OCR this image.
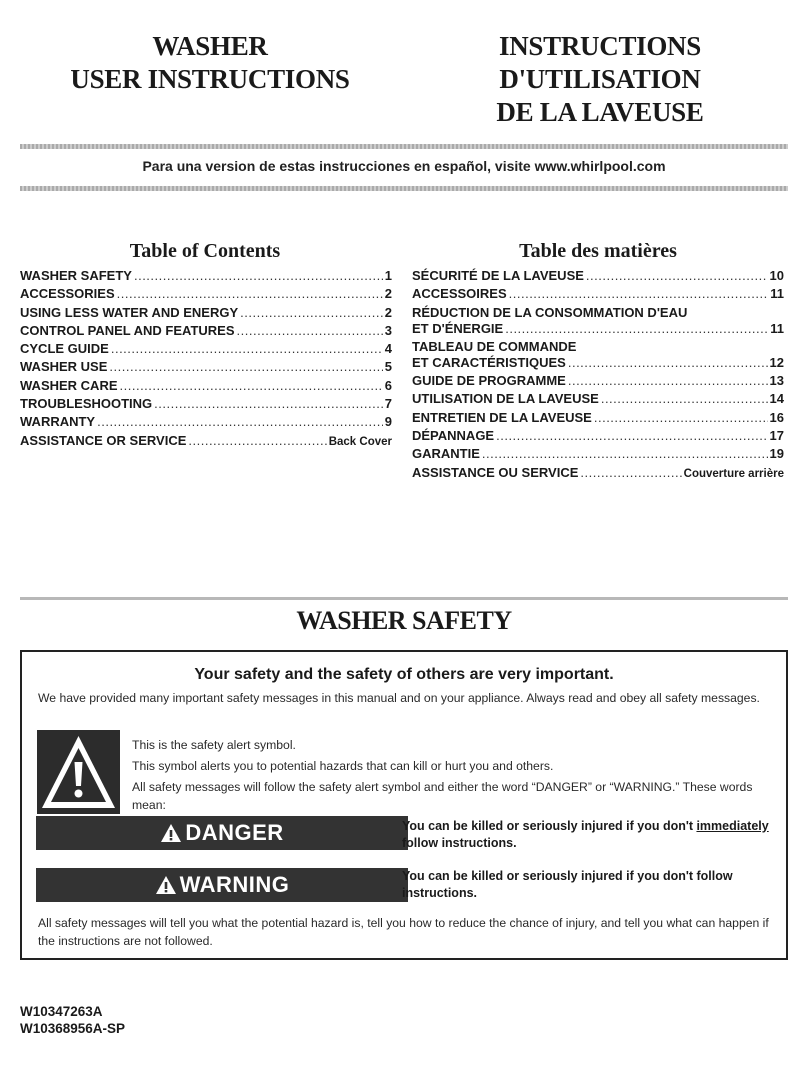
WASHER
USER INSTRUCTIONS
INSTRUCTIONS
D'UTILISATION
DE LA LAVEUSE
Para una version de estas instrucciones en español, visite www.whirlpool.com
Table of Contents	Table des matières
WASHER SAFETY .....	1
ACCESSORIES .....	2
USING LESS WATER AND ENERGY .....	2
CONTROL PANEL AND FEATURES .....	3
CYCLE GUIDE .....	4
WASHER USE .....	5
WASHER CARE .....	6
TROUBLESHOOTING .....	7
WARRANTY .....	9
ASSISTANCE OR SERVICE .....	Back Cover
SÉCURITÉ DE LA LAVEUSE .....	10
ACCESSOIRES .....	11
RÉDUCTION DE LA CONSOMMATION D'EAU
ET D'ÉNERGIE .....	11
TABLEAU DE COMMANDE
ET CARACTÉRISTIQUES .....	12
GUIDE DE PROGRAMME .....	13
UTILISATION DE LA LAVEUSE .....	14
ENTRETIEN DE LA LAVEUSE .....	16
DÉPANNAGE .....	17
GARANTIE .....	19
ASSISTANCE OU SERVICE .....	Couverture arrière
WASHER SAFETY
Your safety and the safety of others are very important.
We have provided many important safety messages in this manual and on your appliance. Always read and obey all safety messages.

This is the safety alert symbol.

This symbol alerts you to potential hazards that can kill or hurt you and others.

All safety messages will follow the safety alert symbol and either the word “DANGER” or “WARNING.” These words mean:

DANGER	You can be killed or seriously injured if you don't immediately follow instructions.
WARNING	You can be killed or seriously injured if you don't follow instructions.
All safety messages will tell you what the potential hazard is, tell you how to reduce the chance of injury, and tell you what can happen if the instructions are not followed.
W10347263A
W10368956A-SP
